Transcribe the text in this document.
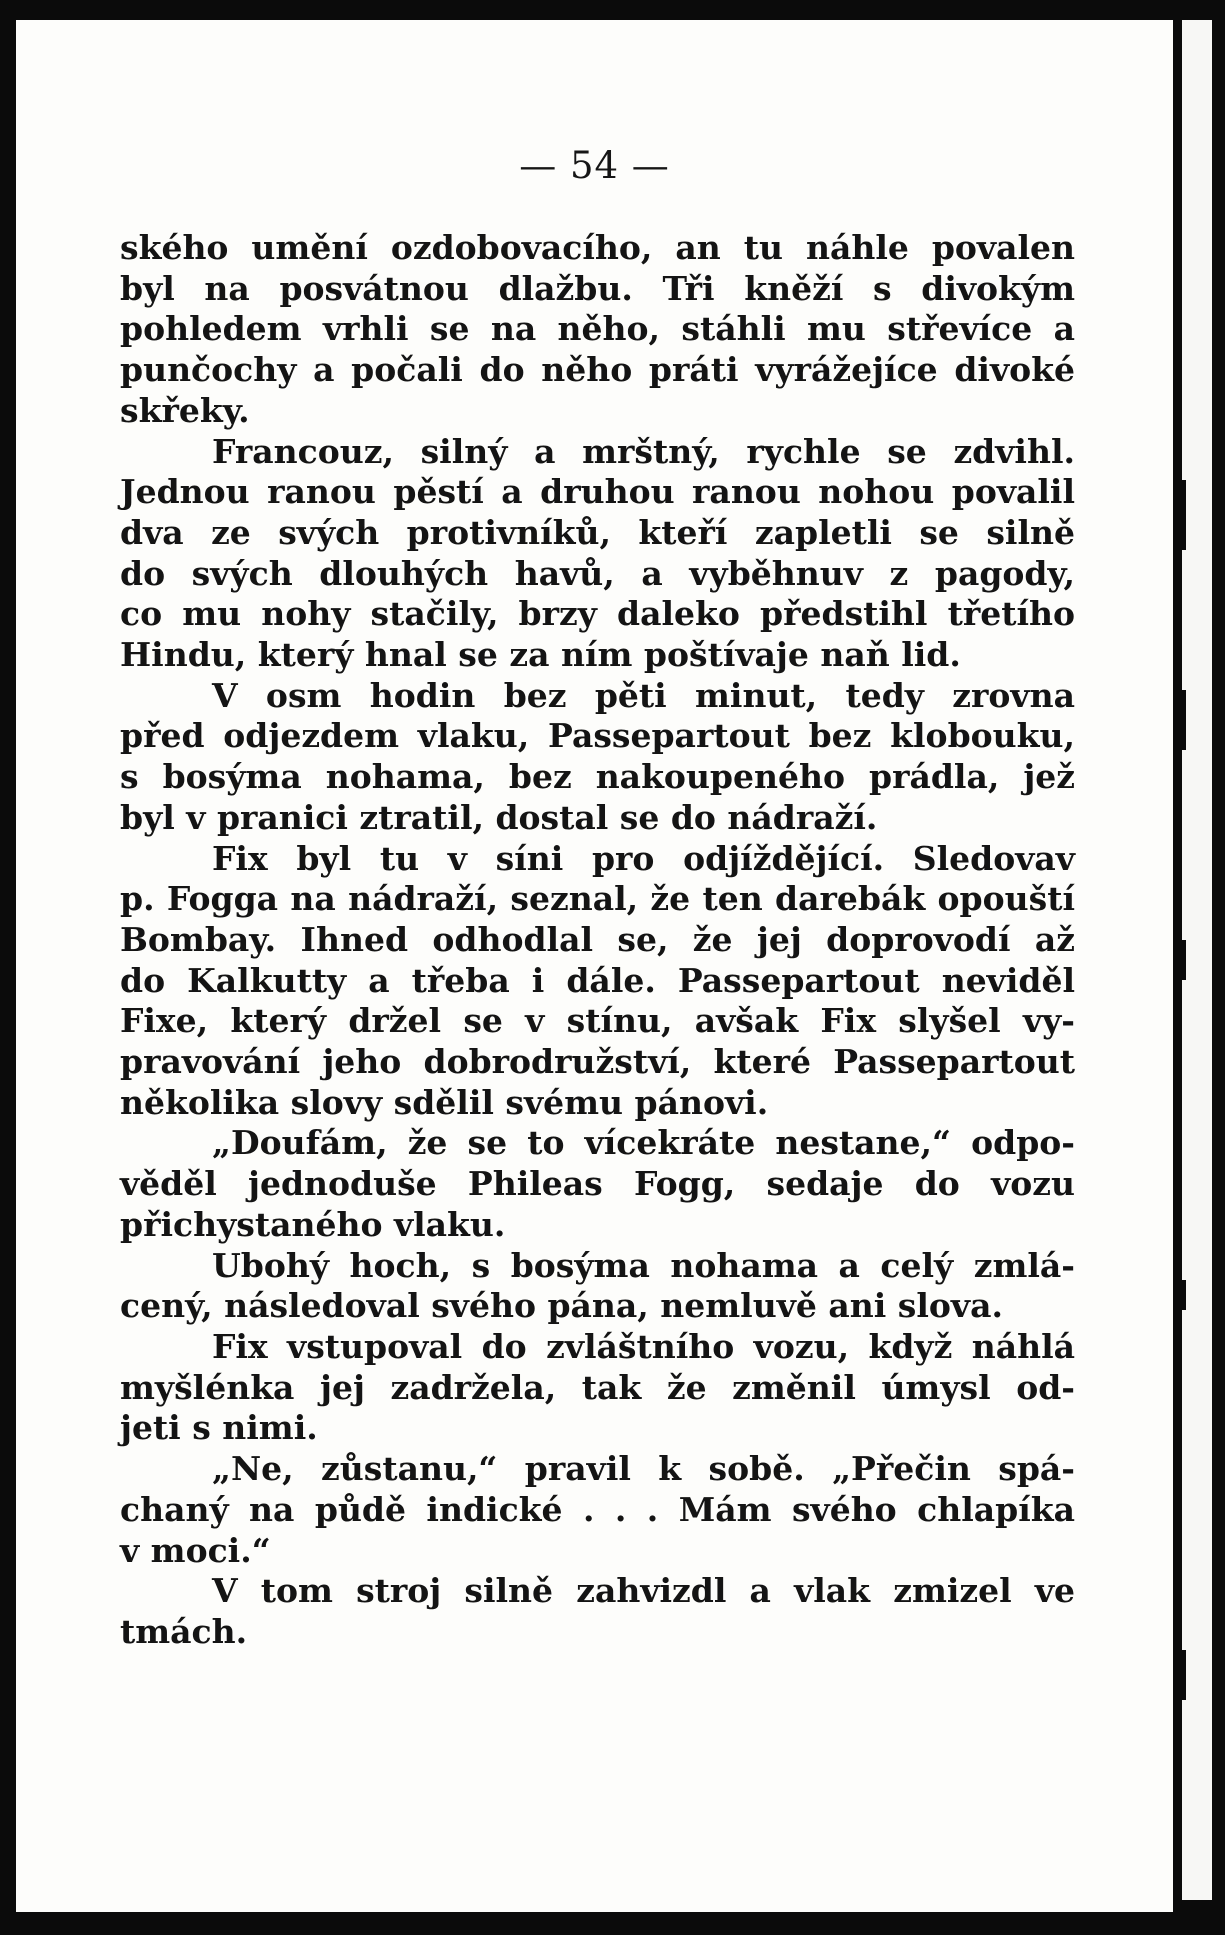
— 54 —
ského umění ozdobovacího, an tu náhle povalen
byl na posvátnou dlažbu. Tři kněží s divokým
pohledem vrhli se na něho, stáhli mu střevíce a
punčochy a počali do něho práti vyrážejíce divoké
skřeky.
Francouz, silný a mrštný, rychle se zdvihl.
Jednou ranou pěstí a druhou ranou nohou povalil
dva ze svých protivníků, kteří zapletli se silně
do svých dlouhých havů, a vyběhnuv z pagody,
co mu nohy stačily, brzy daleko předstihl třetího
Hindu, který hnal se za ním poštívaje naň lid.
V osm hodin bez pěti minut, tedy zrovna
před odjezdem vlaku, Passepartout bez klobouku,
s bosýma nohama, bez nakoupeného prádla, jež
byl v pranici ztratil, dostal se do nádraží.
Fix byl tu v síni pro odjíždějící. Sledovav
p. Fogga na nádraží, seznal, že ten darebák opouští
Bombay. Ihned odhodlal se, že jej doprovodí až
do Kalkutty a třeba i dále. Passepartout neviděl
Fixe, který držel se v stínu, avšak Fix slyšel vy-
pravování jeho dobrodružství, které Passepartout
několika slovy sdělil svému pánovi.
„Doufám, že se to vícekráte nestane,“ odpo-
věděl jednoduše Phileas Fogg, sedaje do vozu
přichystaného vlaku.
Ubohý hoch, s bosýma nohama a celý zmlá-
cený, následoval svého pána, nemluvě ani slova.
Fix vstupoval do zvláštního vozu, když náhlá
myšlénka jej zadržela, tak že změnil úmysl od-
jeti s nimi.
„Ne, zůstanu,“ pravil k sobě. „Přečin spá-
chaný na půdě indické . . . Mám svého chlapíka
v moci.“
V tom stroj silně zahvizdl a vlak zmizel ve
tmách.
